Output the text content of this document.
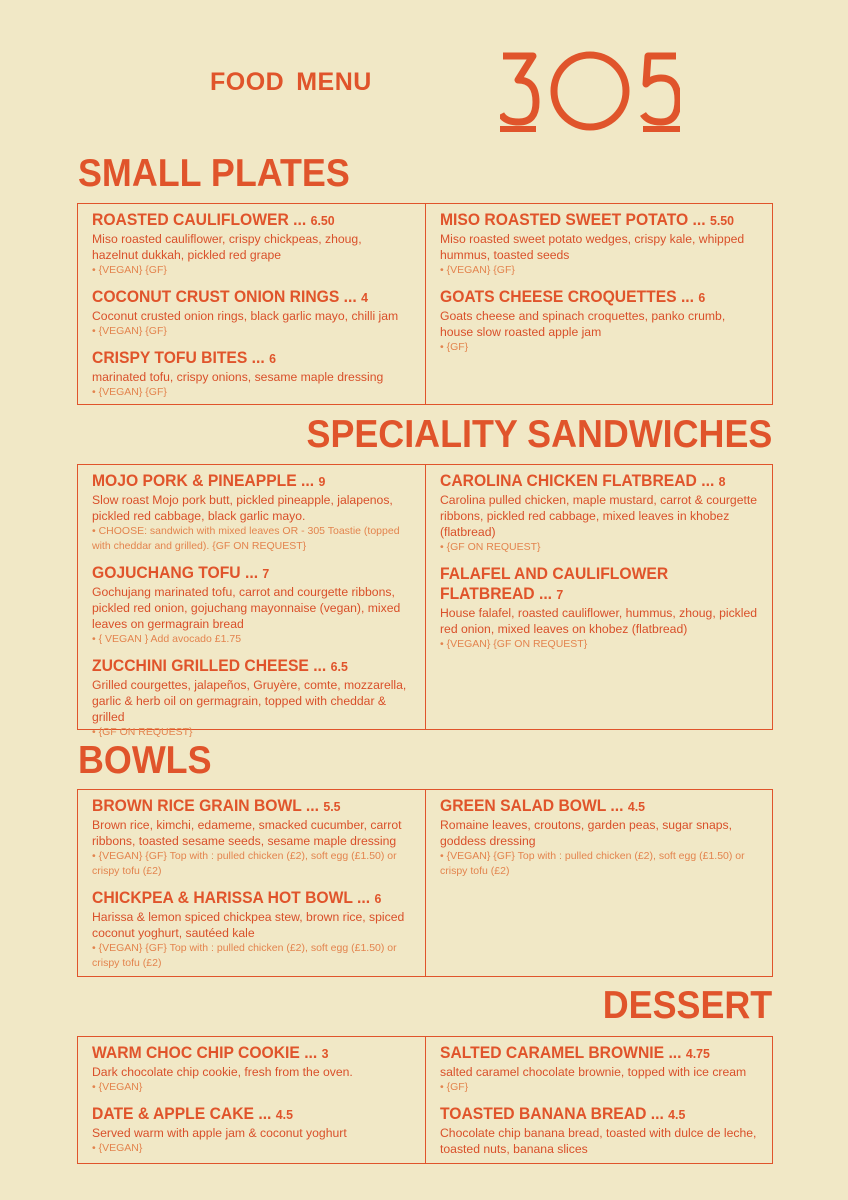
FOOD MENU
SMALL PLATES
ROASTED CAULIFLOWER ... 6.50
Miso roasted cauliflower, crispy chickpeas, zhoug, hazelnut dukkah, pickled red grape
• {VEGAN} {GF}
COCONUT CRUST ONION RINGS ... 4
Coconut crusted onion rings, black garlic mayo, chilli jam
• {VEGAN} {GF}
CRISPY TOFU BITES ... 6
marinated tofu, crispy onions, sesame maple dressing
• {VEGAN} {GF}
MISO ROASTED SWEET POTATO ... 5.50
Miso roasted sweet potato wedges, crispy kale, whipped hummus, toasted seeds
• {VEGAN} {GF}
GOATS CHEESE CROQUETTES ... 6
Goats cheese and spinach croquettes, panko crumb, house slow roasted apple jam
• {GF}
SPECIALITY SANDWICHES
MOJO PORK & PINEAPPLE ... 9
Slow roast Mojo pork butt, pickled pineapple, jalapenos, pickled red cabbage, black garlic mayo.
• CHOOSE: sandwich with mixed leaves OR - 305 Toastie (topped with cheddar and grilled). {GF ON REQUEST}
GOJUCHANG TOFU ... 7
Gochujang marinated tofu, carrot and courgette ribbons, pickled red onion, gojuchang mayonnaise (vegan), mixed leaves on germagrain bread
• { VEGAN } Add avocado £1.75
ZUCCHINI GRILLED CHEESE ... 6.5
Grilled courgettes, jalapeños, Gruyère, comte, mozzarella, garlic & herb oil on germagrain, topped with cheddar & grilled
• {GF ON REQUEST}
CAROLINA CHICKEN FLATBREAD ... 8
Carolina pulled chicken, maple mustard, carrot & courgette ribbons, pickled red cabbage, mixed leaves in khobez (flatbread)
• {GF ON REQUEST}
FALAFEL AND CAULIFLOWER FLATBREAD ... 7
House falafel, roasted cauliflower, hummus, zhoug, pickled red onion, mixed leaves on khobez (flatbread)
• {VEGAN} {GF ON REQUEST}
BOWLS
BROWN RICE GRAIN BOWL ... 5.5
Brown rice, kimchi, edameme, smacked cucumber, carrot ribbons, toasted sesame seeds, sesame maple dressing
• {VEGAN} {GF} Top with : pulled chicken (£2), soft egg (£1.50) or crispy tofu (£2)
CHICKPEA & HARISSA HOT BOWL ... 6
Harissa & lemon spiced chickpea stew, brown rice, spiced coconut yoghurt, sautéed kale
• {VEGAN} {GF} Top with : pulled chicken (£2), soft egg (£1.50) or crispy tofu (£2)
GREEN SALAD BOWL ... 4.5
Romaine leaves, croutons, garden peas, sugar snaps, goddess dressing
• {VEGAN} {GF} Top with : pulled chicken (£2), soft egg (£1.50) or crispy tofu (£2)
DESSERT
WARM CHOC CHIP COOKIE ... 3
Dark chocolate chip cookie, fresh from the oven.
• {VEGAN}
DATE & APPLE CAKE ... 4.5
Served warm with apple jam & coconut yoghurt
• {VEGAN}
SALTED CARAMEL BROWNIE ... 4.75
salted caramel chocolate brownie, topped with ice cream
• {GF}
TOASTED BANANA BREAD ... 4.5
Chocolate chip banana bread, toasted with dulce de leche, toasted nuts, banana slices
